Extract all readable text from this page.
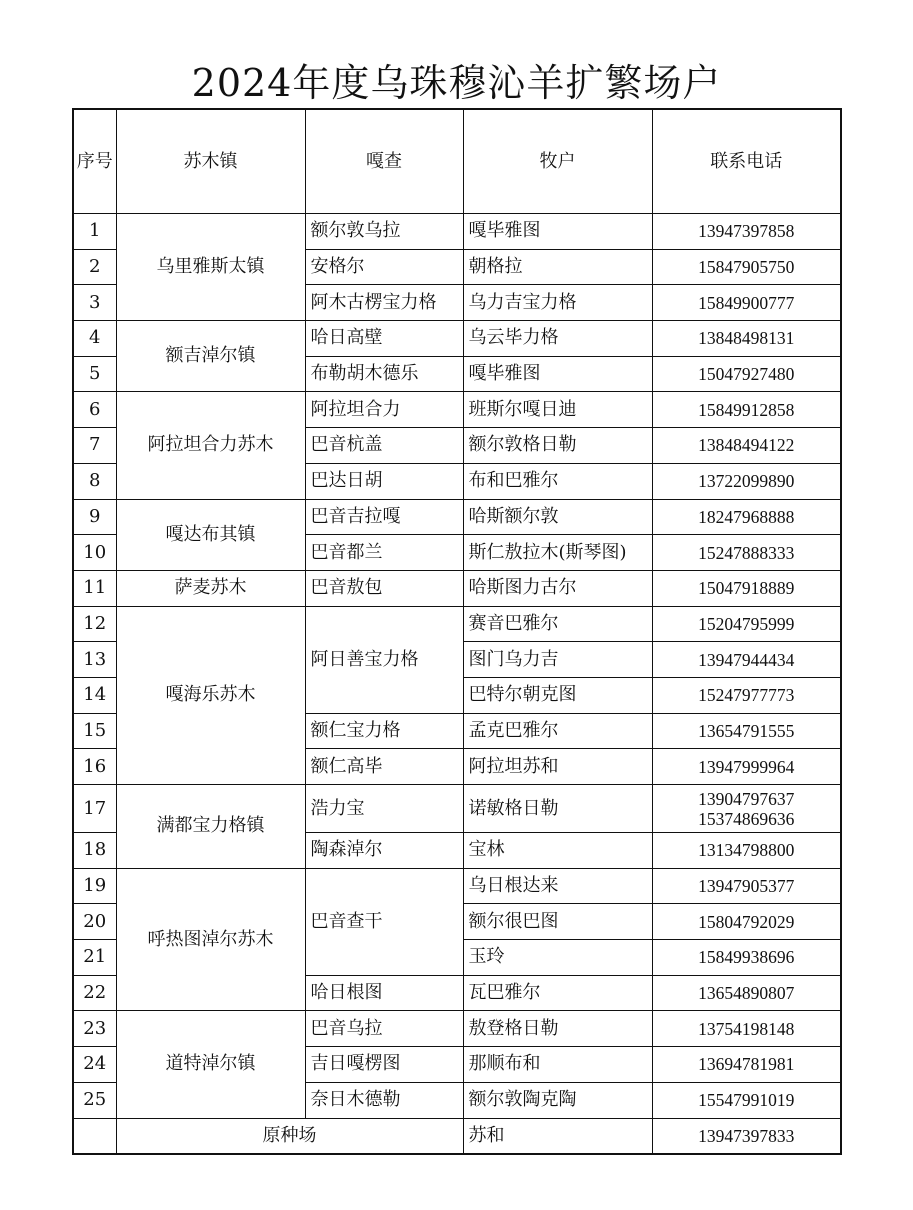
2024年度乌珠穆沁羊扩繁场户
序号	苏木镇	嘎查	牧户	联系电话
1	乌里雅斯太镇	额尔敦乌拉	嘎毕雅图	13947397858
2		安格尔	朝格拉	15847905750
3		阿木古楞宝力格	乌力吉宝力格	15849900777
4	额吉淖尔镇	哈日高壁	乌云毕力格	13848498131
5		布勒胡木德乐	嘎毕雅图	15047927480
6	阿拉坦合力苏木	阿拉坦合力	班斯尔嘎日迪	15849912858
7		巴音杭盖	额尔敦格日勒	13848494122
8		巴达日胡	布和巴雅尔	13722099890
9	嘎达布其镇	巴音吉拉嘎	哈斯额尔敦	18247968888
10		巴音都兰	斯仁敖拉木(斯琴图)	15247888333
11	萨麦苏木	巴音敖包	哈斯图力古尔	15047918889
12	嘎海乐苏木	阿日善宝力格	赛音巴雅尔	15204795999
13			图门乌力吉	13947944434
14			巴特尔朝克图	15247977773
15		额仁宝力格	孟克巴雅尔	13654791555
16		额仁高毕	阿拉坦苏和	13947999964
17	满都宝力格镇	浩力宝	诺敏格日勒	13904797637
15374869636

18		陶森淖尔	宝林	13134798800
19	呼热图淖尔苏木	巴音查干	乌日根达来	13947905377
20			额尔很巴图	15804792029
21			玉玲	15849938696
22		哈日根图	瓦巴雅尔	13654890807
23	道特淖尔镇	巴音乌拉	敖登格日勒	13754198148
24		吉日嘎楞图	那顺布和	13694781981
25		奈日木德勒	额尔敦陶克陶	15547991019
	原种场		苏和	13947397833
